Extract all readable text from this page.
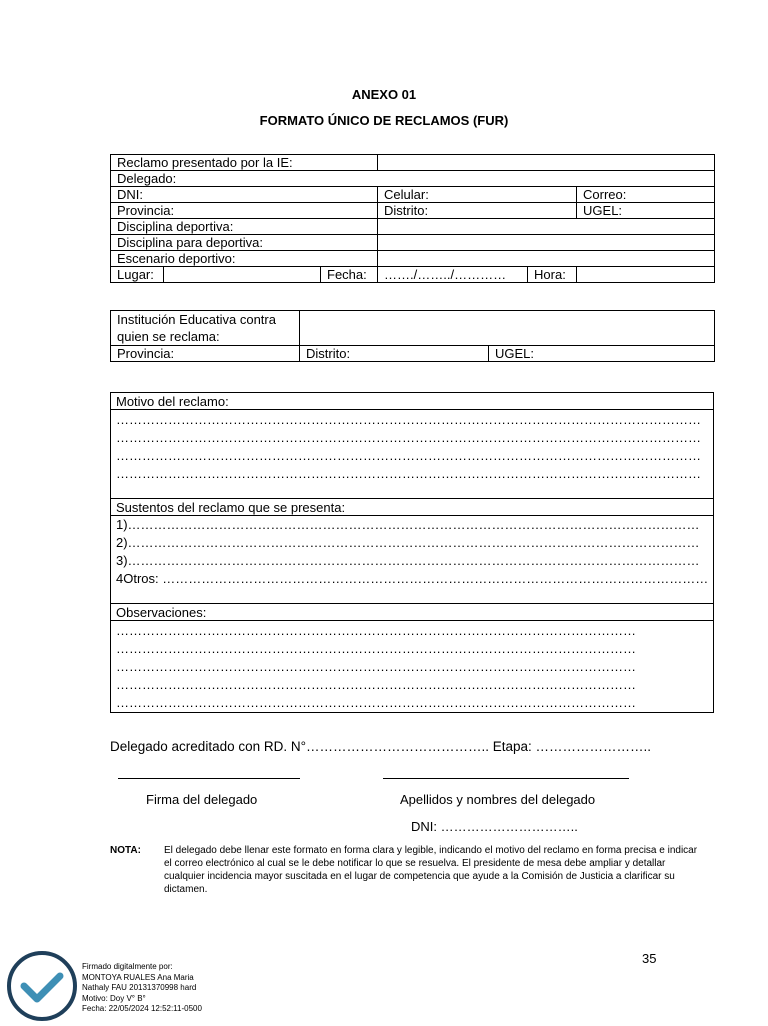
ANEXO 01
FORMATO ÚNICO DE RECLAMOS (FUR)
Reclamo presentado por la IE:					
Delegado:					
DNI:			Celular:		Correo:
Provincia:			Distrito:		UGEL:
Disciplina deportiva:					
Disciplina para deportiva:					
Escenario deportivo:					
Lugar:		Fecha:	……./……../…………	Hora:	
Institución Educativa contra quien se reclama:		
Provincia:	Distrito:	UGEL:
Motivo del reclamo:
………………………………………………………………………………………………………………………
………………………………………………………………………………………………………………………
………………………………………………………………………………………………………………………
………………………………………………………………………………………………………………………
Sustentos del reclamo que se presenta:
1)……………………………………………………………………………………………………………………
2)……………………………………………………………………………………………………………………
3)……………………………………………………………………………………………………………………
4Otros: ………………………………………………………………………………………………………………
Observaciones:
…………………………………………………………………………………………………………
…………………………………………………………………………………………………………
…………………………………………………………………………………………………………
…………………………………………………………………………………………………………
…………………………………………………………………………………………………………
Delegado acreditado con RD. N°………………………………….. Etapa: ……………………..
Firma del delegado	Apellidos y nombres del delegado
DNI: …………………………..
NOTA: El delegado debe llenar este formato en forma clara y legible, indicando el motivo del reclamo en forma precisa e indicar el correo electrónico al cual se le debe notificar lo que se resuelva. El presidente de mesa debe ampliar y detallar cualquier incidencia mayor suscitada en el lugar de competencia que ayude a la Comisión de Justicia a clarificar su dictamen.
35
Firmado digitalmente por:
MONTOYA RUALES Ana Maria
Nathaly FAU 20131370998 hard
Motivo: Doy V° B°
Fecha: 22/05/2024 12:52:11-0500
